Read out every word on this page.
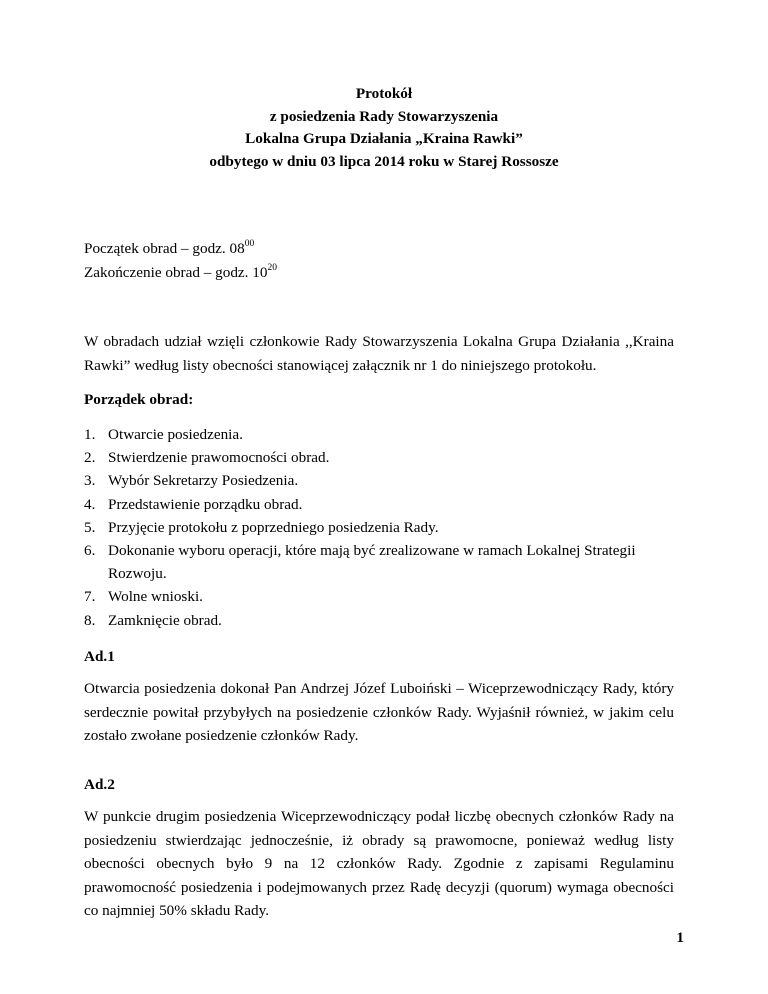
Protokół
z posiedzenia Rady Stowarzyszenia
Lokalna Grupa Działania „Kraina Rawki”
odbytego w dniu 03 lipca 2014 roku w Starej Rossosze
Początek obrad – godz. $08^{00}$
Zakończenie obrad – godz. $10^{20}$
W obradach udział wzięli członkowie Rady Stowarzyszenia Lokalna Grupa Działania ,,Kraina Rawki” według listy obecności stanowiącej załącznik nr 1 do niniejszego protokołu.
Porządek obrad:
1. Otwarcie posiedzenia.
2. Stwierdzenie prawomocności obrad.
3. Wybór Sekretarzy Posiedzenia.
4. Przedstawienie porządku obrad.
5. Przyjęcie protokołu z poprzedniego posiedzenia Rady.
6. Dokonanie wyboru operacji, które mają być zrealizowane w ramach Lokalnej Strategii Rozwoju.
7. Wolne wnioski.
8. Zamknięcie obrad.
Ad.1
Otwarcia posiedzenia dokonał Pan Andrzej Józef Luboiński – Wiceprzewodniczący Rady, który serdecznie powitał przybyłych na posiedzenie członków Rady. Wyjaśnił również, w jakim celu zostało zwołane posiedzenie członków Rady.
Ad.2
W punkcie drugim posiedzenia Wiceprzewodniczący podał liczbę obecnych członków Rady na posiedzeniu stwierdzając jednocześnie, iż obrady są prawomocne, ponieważ według listy obecności obecnych było 9 na 12 członków Rady. Zgodnie z zapisami Regulaminu prawomocność posiedzenia i podejmowanych przez Radę decyzji (quorum) wymaga obecności co najmniej 50% składu Rady.
1
